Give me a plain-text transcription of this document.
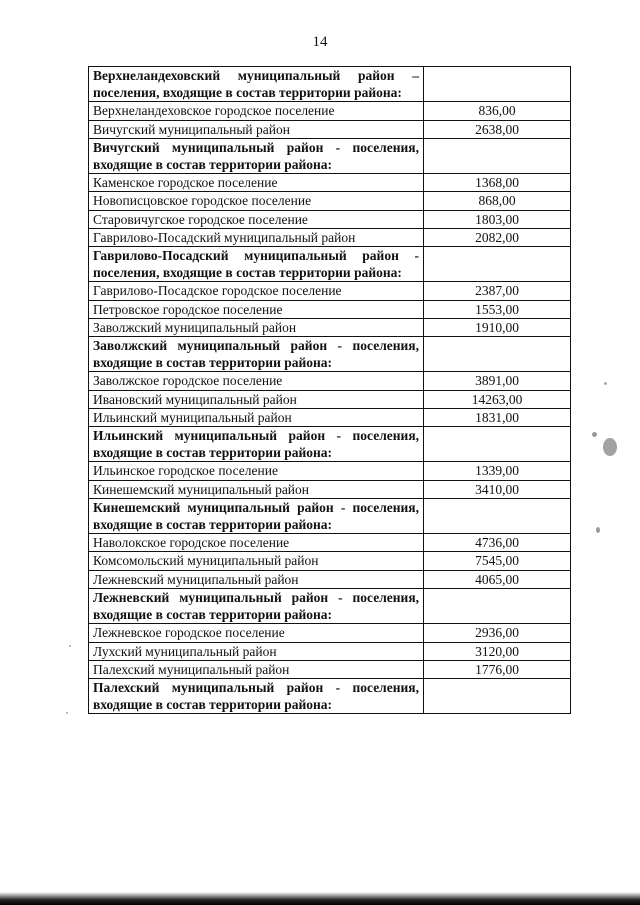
14
Верхнеландеховский муниципальный район – поселения, входящие в состав территории района:	
Верхнеландеховское городское поселение	836,00
Вичугский муниципальный район	2638,00
Вичугский муниципальный район - поселения, входящие в состав территории района:	
Каменское городское поселение	1368,00
Новописцовское городское поселение	868,00
Старовичугское городское поселение	1803,00
Гаврилово-Посадский муниципальный район	2082,00
Гаврилово-Посадский муниципальный район - поселения, входящие в состав территории района:	
Гаврилово-Посадское городское поселение	2387,00
Петровское городское поселение	1553,00
Заволжский муниципальный район	1910,00
Заволжский муниципальный район - поселения, входящие в состав территории района:	
Заволжское городское поселение	3891,00
Ивановский муниципальный район	14263,00
Ильинский муниципальный район	1831,00
Ильинский муниципальный район - поселения, входящие в состав территории района:	
Ильинское городское поселение	1339,00
Кинешемский муниципальный район	3410,00
Кинешемский муниципальный район - поселения, входящие в состав территории района:	
Наволокское городское поселение	4736,00
Комсомольский муниципальный район	7545,00
Лежневский муниципальный район	4065,00
Лежневский муниципальный район - поселения, входящие в состав территории района:	
Лежневское городское поселение	2936,00
Лухский муниципальный район	3120,00
Палехский муниципальный район	1776,00
Палехский муниципальный район - поселения, входящие в состав территории района:	
